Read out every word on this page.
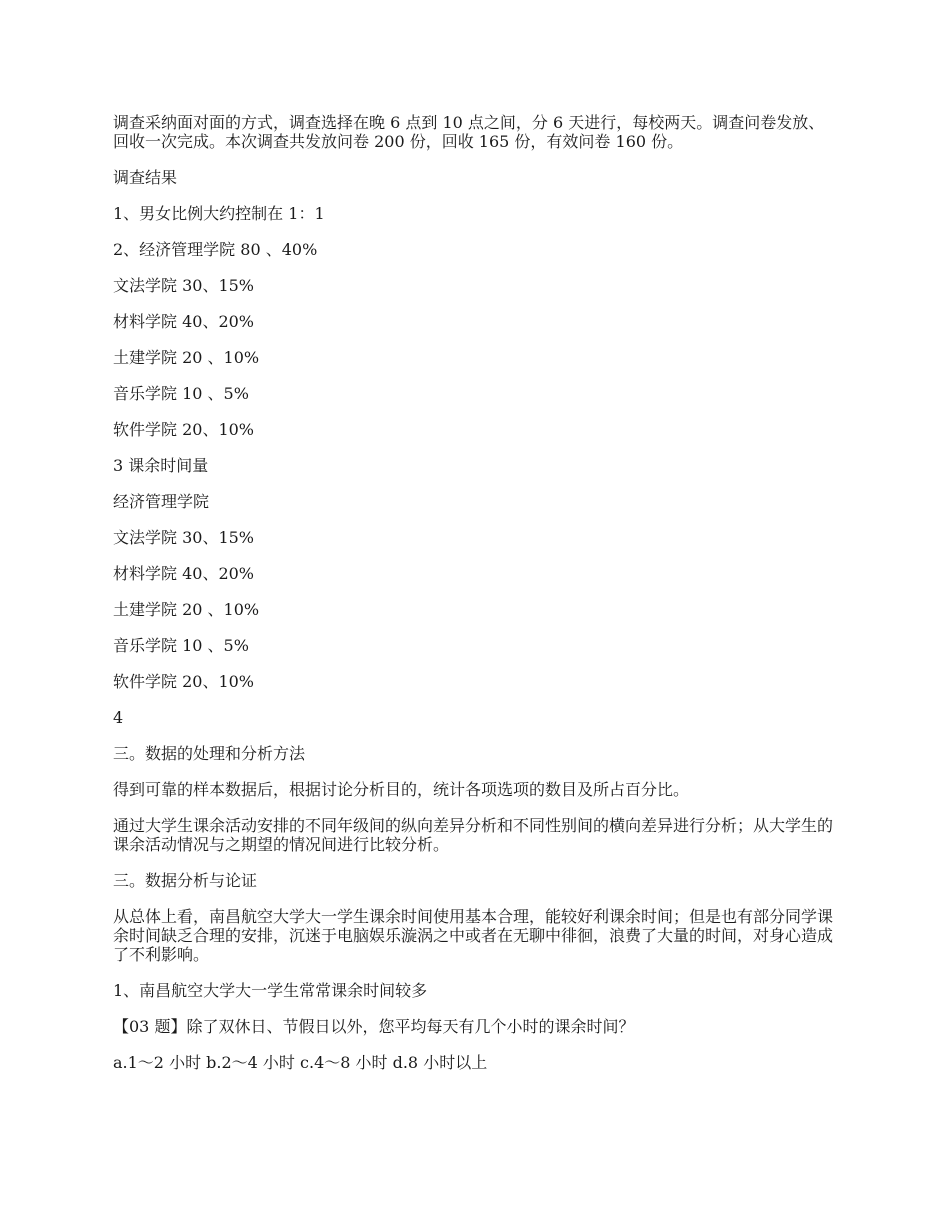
调查采纳面对面的方式，调查选择在晚 6 点到 10 点之间，分 6 天进行，每校两天。调查问卷发放、回收一次完成。本次调查共发放问卷 200 份，回收 165 份，有效问卷 160 份。

调查结果

1、男女比例大约控制在 1：1

2、经济管理学院 80 、40%

文法学院 30、15%

材料学院 40、20%

土建学院 20 、10%

音乐学院 10 、5%

软件学院 20、10%

3 课余时间量

经济管理学院

文法学院 30、15%

材料学院 40、20%

土建学院 20 、10%

音乐学院 10 、5%

软件学院 20、10%

4

三。数据的处理和分析方法

得到可靠的样本数据后，根据讨论分析目的，统计各项选项的数目及所占百分比。

通过大学生课余活动安排的不同年级间的纵向差异分析和不同性别间的横向差异进行分析；从大学生的课余活动情况与之期望的情况间进行比较分析。

三。数据分析与论证

从总体上看，南昌航空大学大一学生课余时间使用基本合理，能较好利课余时间；但是也有部分同学课余时间缺乏合理的安排，沉迷于电脑娱乐漩涡之中或者在无聊中徘徊，浪费了大量的时间，对身心造成了不利影响。

1、南昌航空大学大一学生常常课余时间较多

【03 题】除了双休日、节假日以外，您平均每天有几个小时的课余时间？

a.1～2 小时 b.2～4 小时 c.4～8 小时 d.8 小时以上
